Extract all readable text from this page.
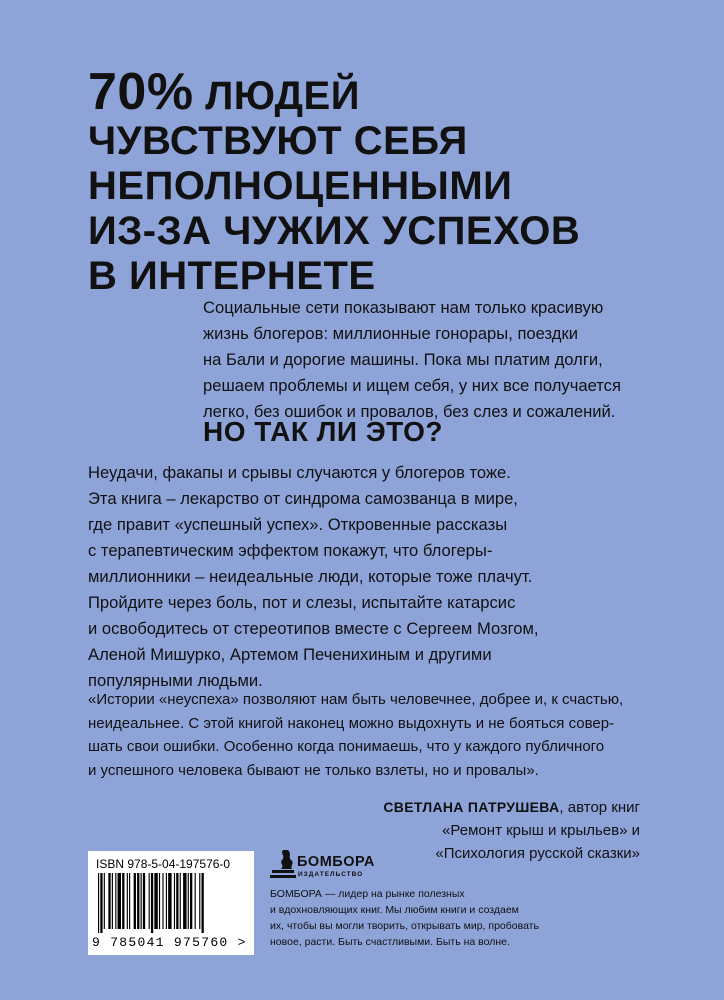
70% ЛЮДЕЙ
ЧУВСТВУЮТ СЕБЯ
НЕПОЛНОЦЕННЫМИ
ИЗ-ЗА ЧУЖИХ УСПЕХОВ
В ИНТЕРНЕТЕ
Социальные сети показывают нам только красивую
жизнь блогеров: миллионные гонорары, поездки
на Бали и дорогие машины. Пока мы платим долги,
решаем проблемы и ищем себя, у них все получается
легко, без ошибок и провалов, без слез и сожалений.
НО ТАК ЛИ ЭТО?
Неудачи, факапы и срывы случаются у блогеров тоже.
Эта книга – лекарство от синдрома самозванца в мире,
где правит «успешный успех». Откровенные рассказы
с терапевтическим эффектом покажут, что блогеры-
миллионники – неидеальные люди, которые тоже плачут.
Пройдите через боль, пот и слезы, испытайте катарсис
и освободитесь от стереотипов вместе с Сергеем Мозгом,
Аленой Мишурко, Артемом Печенихиным и другими
популярными людьми.
«Истории «неуспеха» позволяют нам быть человечнее, добрее и, к счастью,
неидеальнее. С этой книгой наконец можно выдохнуть и не бояться совер-
шать свои ошибки. Особенно когда понимаешь, что у каждого публичного
и успешного человека бывают не только взлеты, но и провалы».
СВЕТЛАНА ПАТРУШЕВА, автор книг
«Ремонт крыш и крыльев» и
«Психология русской сказки»
ISBN 978-5-04-197576-0
9 785041 975760 >
БОМБОРА
ИЗДАТЕЛЬСТВО
БОМБОРА — лидер на рынке полезных
и вдохновляющих книг. Мы любим книги и создаем
их, чтобы вы могли творить, открывать мир, пробовать
новое, расти. Быть счастливыми. Быть на волне.
